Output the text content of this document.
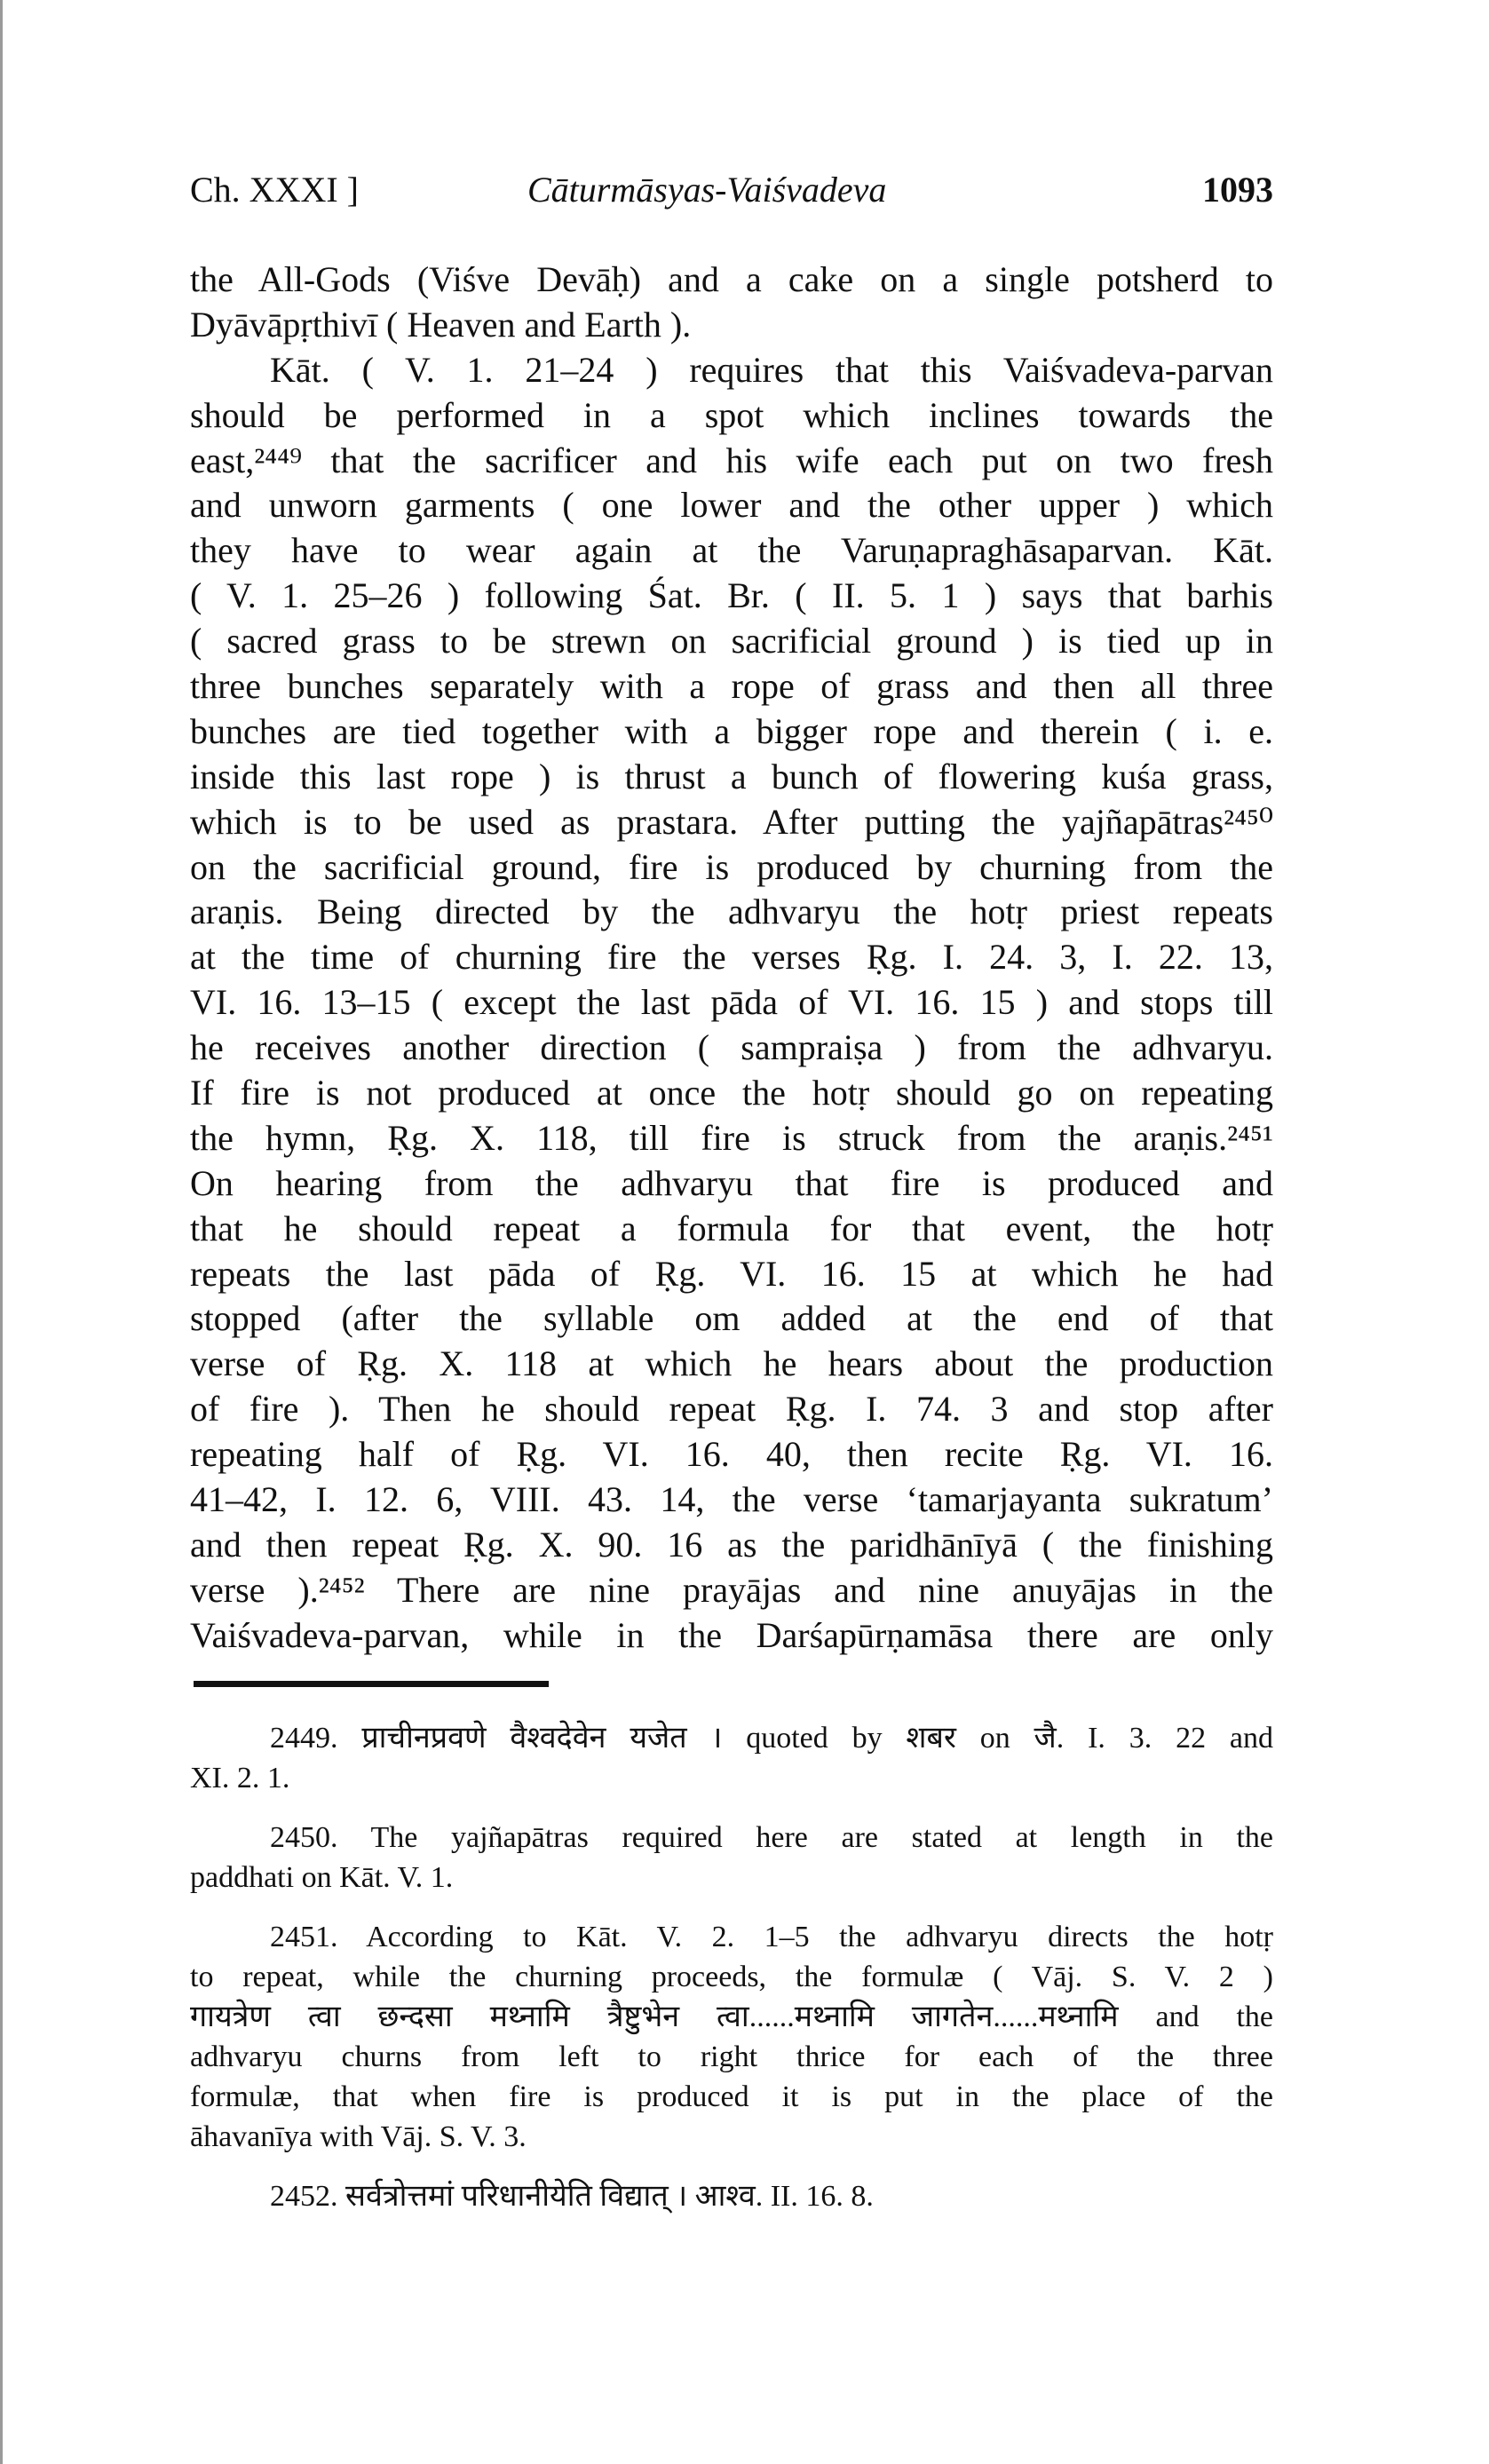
Ch. XXXI ]	Cāturmāsyas-Vaiśvadeva	1093
the All-Gods (Viśve Devāḥ) and a cake on a single potsherd to
Dyāvāpṛthivī ( Heaven and Earth ).
Kāt. ( V. 1. 21–24 ) requires that this Vaiśvadeva-parvan
should be performed in a spot which inclines towards the
east,²⁴⁴⁹ that the sacrificer and his wife each put on two fresh
and unworn garments ( one lower and the other upper ) which
they have to wear again at the Varuṇapraghāsaparvan. Kāt.
( V. 1. 25–26 ) following Śat. Br. ( II. 5. 1 ) says that barhis
( sacred grass to be strewn on sacrificial ground ) is tied up in
three bunches separately with a rope of grass and then all three
bunches are tied together with a bigger rope and therein ( i. e.
inside this last rope ) is thrust a bunch of flowering kuśa grass,
which is to be used as prastara. After putting the yajñapātras²⁴⁵⁰
on the sacrificial ground, fire is produced by churning from the
araṇis. Being directed by the adhvaryu the hotṛ priest repeats
at the time of churning fire the verses Ṛg. I. 24. 3, I. 22. 13,
VI. 16. 13–15 ( except the last pāda of VI. 16. 15 ) and stops till
he receives another direction ( sampraiṣa ) from the adhvaryu.
If fire is not produced at once the hotṛ should go on repeating
the hymn, Ṛg. X. 118, till fire is struck from the araṇis.²⁴⁵¹
On hearing from the adhvaryu that fire is produced and
that he should repeat a formula for that event, the hotṛ
repeats the last pāda of Ṛg. VI. 16. 15 at which he had
stopped (after the syllable om added at the end of that
verse of Ṛg. X. 118 at which he hears about the production
of fire ). Then he should repeat Ṛg. I. 74. 3 and stop after
repeating half of Ṛg. VI. 16. 40, then recite Ṛg. VI. 16.
41–42, I. 12. 6, VIII. 43. 14, the verse ‘tamarjayanta sukratum’
and then repeat Ṛg. X. 90. 16 as the paridhānīyā ( the finishing
verse ).²⁴⁵² There are nine prayājas and nine anuyājas in the
Vaiśvadeva-parvan, while in the Darśapūrṇamāsa there are only
2449. प्राचीनप्रवणे वैश्वदेवेन यजेत । quoted by शबर on जै. I. 3. 22 and
XI. 2. 1.
2450. The yajñapātras required here are stated at length in the
paddhati on Kāt. V. 1.
2451. According to Kāt. V. 2. 1–5 the adhvaryu directs the hotṛ
to repeat, while the churning proceeds, the formulæ ( Vāj. S. V. 2 )
गायत्रेण त्वा छन्दसा मथ्नामि त्रैष्टुभेन त्वा......मथ्नामि जागतेन......मथ्नामि and the
adhvaryu churns from left to right thrice for each of the three
formulæ, that when fire is produced it is put in the place of the
āhavanīya with Vāj. S. V. 3.
2452. सर्वत्रोत्तमां परिधानीयेति विद्यात् । आश्व. II. 16. 8.
